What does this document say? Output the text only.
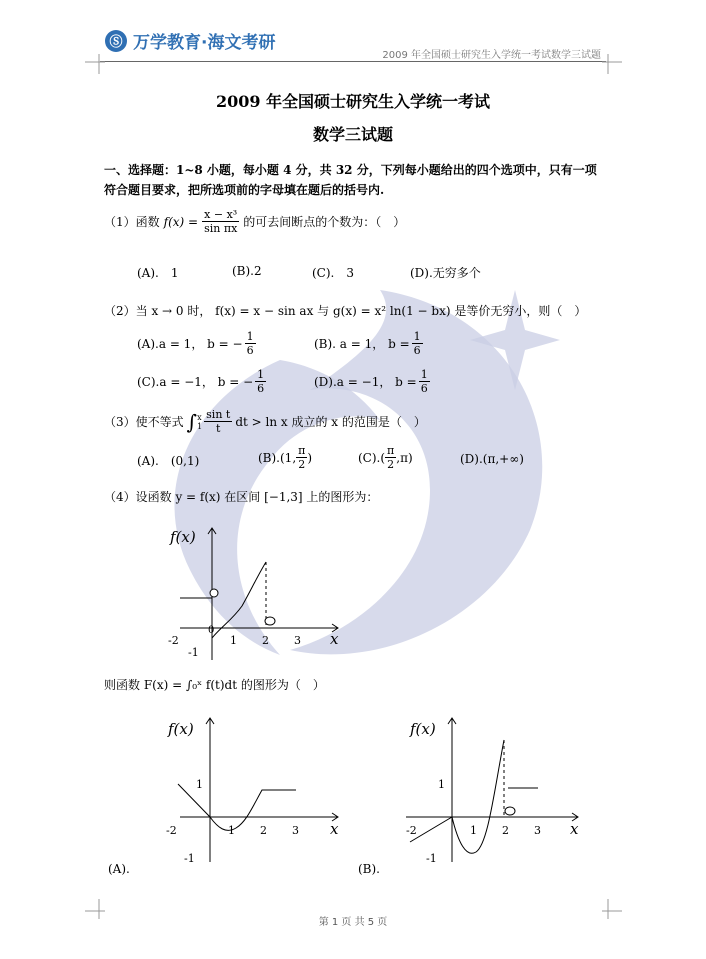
Ⓢ 万学教育·海文考研
2009 年全国硕士研究生入学统一考试数学三试题
2009 年全国硕士研究生入学统一考试
数学三试题
一、选择题：1~8 小题，每小题 4 分，共 32 分，下列每小题给出的四个选项中，只有一项符合题目要求，把所选项前的字母填在题后的括号内.
（1）函数 $f(x) = \frac{\text{x − x³}}{\text{sin πx}}$ 的可去间断点的个数为：（　）
(A).　1	(B).2	(C).　3	(D).无穷多个
（2）当 x → 0 时， f(x) = x − sin ax 与 g(x) = x² ln(1 − bx) 是等价无穷小，则（　）
(A).a = 1， b = − $\frac{1}{6}$	(B). a = 1， $b = \frac{1}{6}$
(C).a = −1， b = − $\frac{1}{6}$	(D).a = −1， $b = \frac{1}{6}$
（3）使不等式 ∫ x
$1 \frac{\text{sin t}}{t}$ dt > ln x 成立的 x 的范围是（　）
(A).　(0,1)	(B).(1, $\frac{\pi}{2}$ )	$(C).( \frac{\pi}{2} ,\pi)$	(D).(π,+∞)
（4）设函数 y = f(x) 在区间 [−1,3] 上的图形为：
f(x)
x
-2
0
1 2 3
-1
则函数 F(x) = ∫₀ˣ f(t)dt 的图形为（　）
f(x)
x
1
-2	1 2 3
-1
(A).
f(x)
x
1
-2	1 2 3
-1
(B).
第 1 页 共 5 页
